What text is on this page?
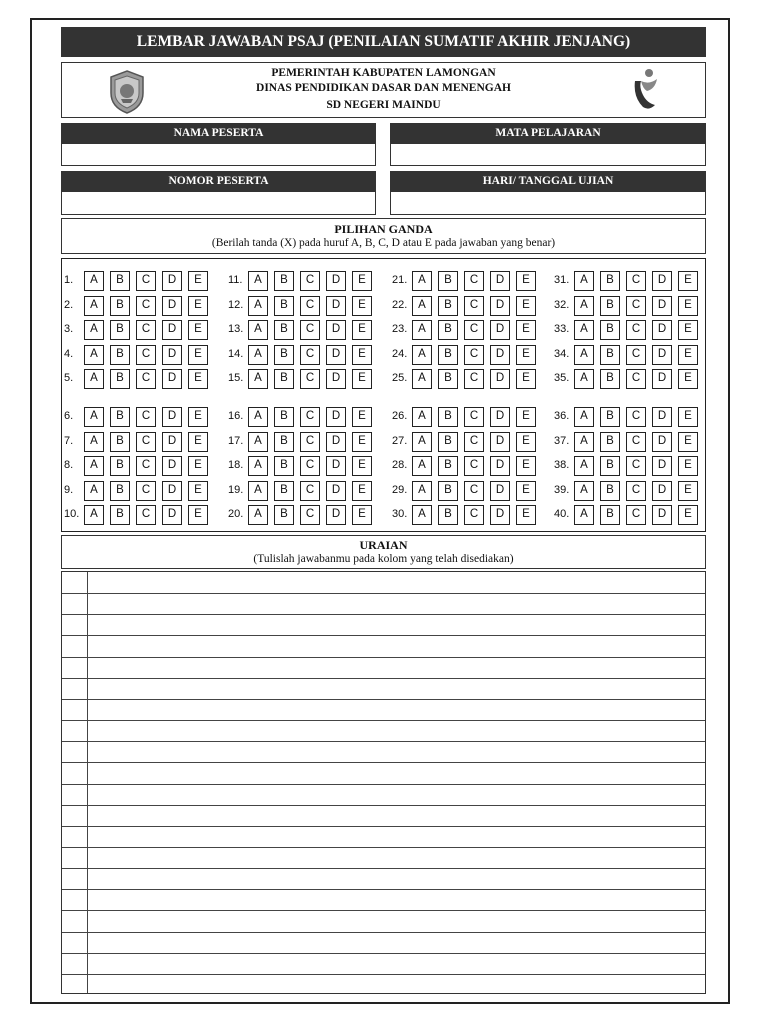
LEMBAR JAWABAN PSAJ (PENILAIAN SUMATIF AKHIR JENJANG)
PEMERINTAH KABUPATEN LAMONGAN
DINAS PENDIDIKAN DASAR DAN MENENGAH
SD NEGERI MAINDU
NAMA PESERTA	MATA PELAJARAN
NOMOR PESERTA	HARI/ TANGGAL UJIAN
PILIHAN GANDA
(Berilah tanda (X) pada huruf A, B, C, D atau E pada jawaban yang benar)
1.	A	B	C	D	E
2.	A	B	C	D	E
3.	A	B	C	D	E
4.	A	B	C	D	E
5.	A	B	C	D	E
6.	A	B	C	D	E
7.	A	B	C	D	E
8.	A	B	C	D	E
9.	A	B	C	D	E
10. A	B	C	D	E
11.	A	B	C	D	E
12. A	B	C	D	E
13. A	B	C	D	E
14. A	B	C	D	E
15. A	B	C	D	E
16. A	B	C	D	E
17. A	B	C	D	E
18. A	B	C	D	E
19. A	B	C	D	E
20. A	B	C	D	E
21. A	B	C	D	E
22. A	B	C	D	E
23. A	B	C	D	E
24. A	B	C	D	E
25. A	B	C	D	E
26. A	B	C	D	E
27. A	B	C	D	E
28. A	B	C	D	E
29. A	B	C	D	E
30. A	B	C	D	E
31. A	B	C	D	E
32. A	B	C	D	E
33. A	B	C	D	E
34. A	B	C	D	E
35. A	B	C	D	E
36. A	B	C	D	E
37. A	B	C	D	E
38. A	B	C	D	E
39. A	B	C	D	E
40. A	B	C	D	E
URAIAN
(Tulislah jawabanmu pada kolom yang telah disediakan)
